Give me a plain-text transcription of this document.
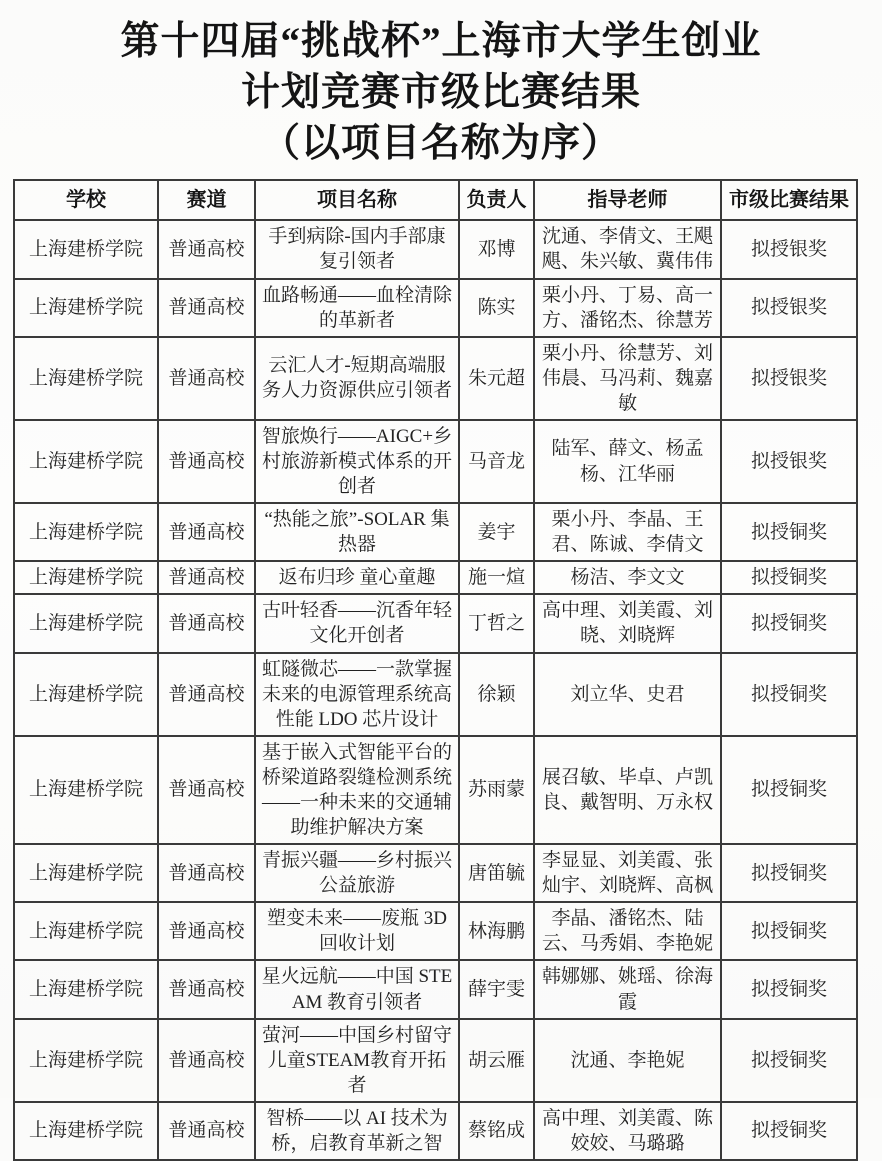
第十四届“挑战杯”上海市大学生创业
计划竞赛市级比赛结果
（以项目名称为序）
学校	赛道	项目名称	负责人	指导老师	市级比赛结果
上海建桥学院	普通高校	手到病除-国内手部康复引领者	邓博	沈通、李倩文、王飓飓、朱兴敏、冀伟伟	拟授银奖
上海建桥学院	普通高校	血路畅通——血栓清除的革新者	陈实	栗小丹、丁易、高一方、潘铭杰、徐慧芳	拟授银奖
上海建桥学院	普通高校	云汇人才-短期高端服务人力资源供应引领者	朱元超	栗小丹、徐慧芳、刘伟晨、马冯莉、魏嘉敏	拟授银奖
上海建桥学院	普通高校	智旅焕行——AIGC+乡村旅游新模式体系的开创者	马音龙	陆军、薛文、杨孟杨、江华丽	拟授银奖
上海建桥学院	普通高校	“热能之旅”-SOLAR 集热器	姜宇	栗小丹、李晶、王君、陈诚、李倩文	拟授铜奖
上海建桥学院	普通高校	返布归珍 童心童趣	施一煊	杨洁、李文文	拟授铜奖
上海建桥学院	普通高校	古叶轻香——沉香年轻文化开创者	丁哲之	高中理、刘美霞、刘晓、刘晓辉	拟授铜奖
上海建桥学院	普通高校	虹隧微芯——一款掌握未来的电源管理系统高性能 LDO 芯片设计	徐颖	刘立华、史君	拟授铜奖
上海建桥学院	普通高校	基于嵌入式智能平台的桥梁道路裂缝检测系统——一种未来的交通辅助维护解决方案	苏雨蒙	展召敏、毕卓、卢凯良、戴智明、万永权	拟授铜奖
上海建桥学院	普通高校	青振兴疆——乡村振兴公益旅游	唐笛毓	李显显、刘美霞、张灿宇、刘晓辉、高枫	拟授铜奖
上海建桥学院	普通高校	塑变未来——废瓶 3D 回收计划	林海鹏	李晶、潘铭杰、陆云、马秀娟、李艳妮	拟授铜奖
上海建桥学院	普通高校	星火远航——中国 STEAM 教育引领者	薛宇雯	韩娜娜、姚瑶、徐海霞	拟授铜奖
上海建桥学院	普通高校	萤河——中国乡村留守儿童STEAM教育开拓者	胡云雁	沈通、李艳妮	拟授铜奖
上海建桥学院	普通高校	智桥——以 AI 技术为桥，启教育革新之智	蔡铭成	高中理、刘美霞、陈姣姣、马璐璐	拟授铜奖
